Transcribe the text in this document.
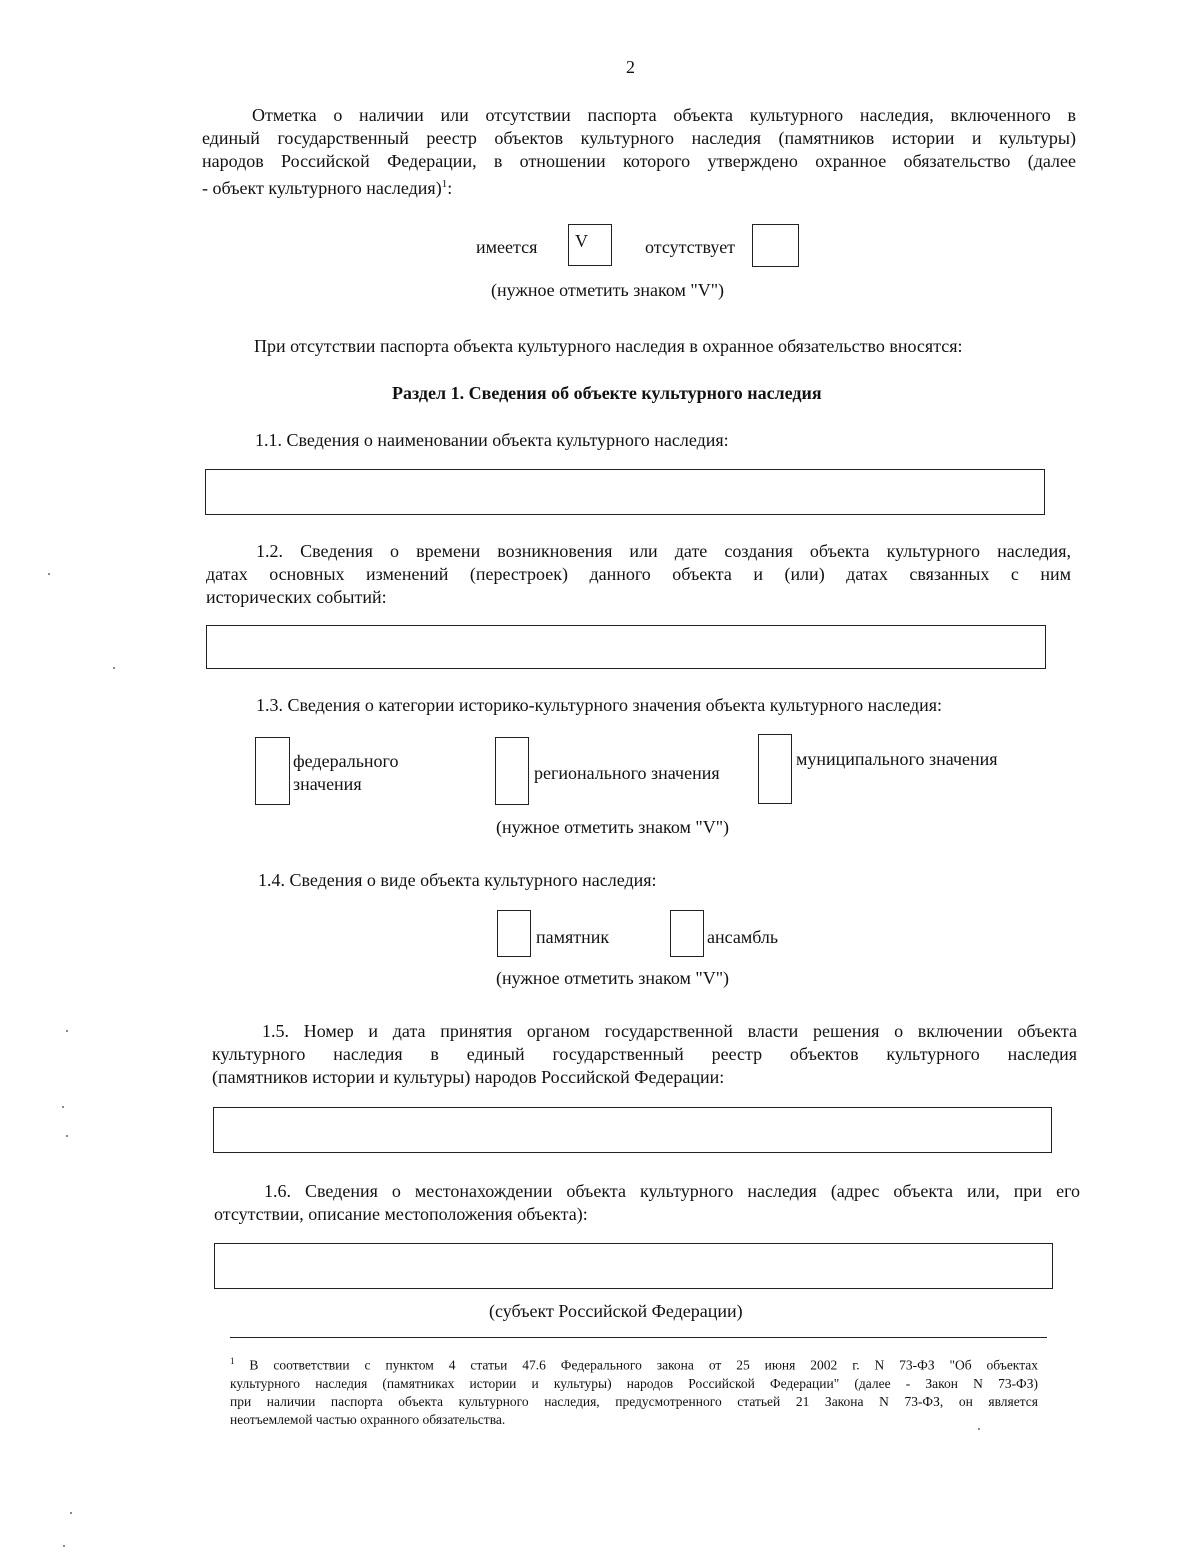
2
Отметка о наличии или отсутствии паспорта объекта культурного наследия, включенного в
единый государственный реестр объектов культурного наследия (памятников истории и культуры)
народов Российской Федерации, в отношении которого утверждено охранное обязательство (далее
- объект культурного наследия)$^1$:
имеется V	отсутствует
(нужное отметить знаком "V")
При отсутствии паспорта объекта культурного наследия в охранное обязательство вносятся:
Раздел 1. Сведения об объекте культурного наследия
1.1. Сведения о наименовании объекта культурного наследия:
1.2. Сведения о времени возникновения или дате создания объекта культурного наследия,
датах основных изменений (перестроек) данного объекта и (или) датах связанных с ним
исторических событий:
1.3. Сведения о категории историко-культурного значения объекта культурного наследия:
федерального
значения
регионального значения
муниципального значения
(нужное отметить знаком "V")
1.4. Сведения о виде объекта культурного наследия:
памятник	ансамбль
(нужное отметить знаком "V")
1.5. Номер и дата принятия органом государственной власти решения о включении объекта
культурного наследия в единый государственный реестр объектов культурного наследия
(памятников истории и культуры) народов Российской Федерации:
1.6. Сведения о местонахождении объекта культурного наследия (адрес объекта или, при его
отсутствии, описание местоположения объекта):
(субъект Российской Федерации)
$^1$ В соответствии с пунктом 4 статьи 47.6 Федерального закона от 25 июня 2002 г. N 73-ФЗ "Об объектах
культурного наследия (памятниках истории и культуры) народов Российской Федерации" (далее - Закон N 73-ФЗ)
при наличии паспорта объекта культурного наследия, предусмотренного статьей 21 Закона N 73-ФЗ, он является
неотъемлемой частью охранного обязательства.
